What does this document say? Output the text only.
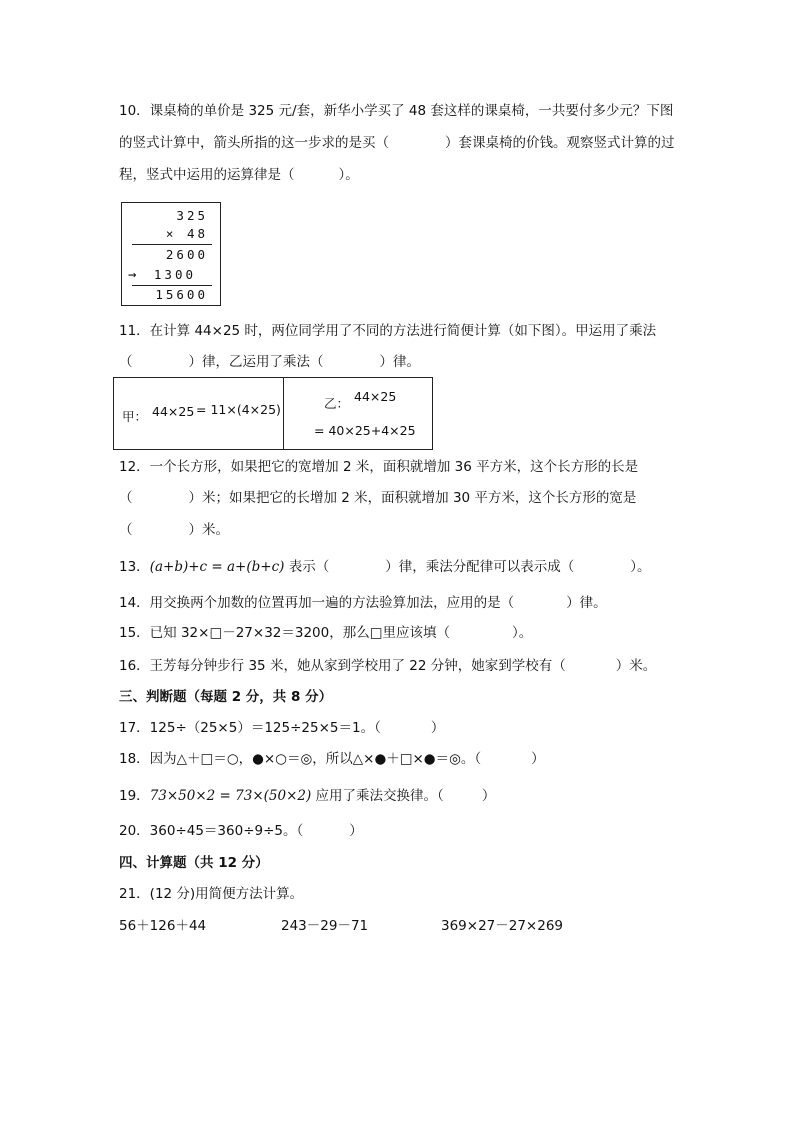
10．课桌椅的单价是 325 元/套，新华小学买了 48 套这样的课桌椅，一共要付多少元？下图
的竖式计算中，箭头所指的这一步求的是买（	）套课桌椅的价钱。观察竖式计算的过
程，竖式中运用的运算律是（	）。
325
× 48
2600
→ 1300
15600
11．在计算 44×25 时，两位同学用了不同的方法进行简便计算（如下图）。甲运用了乘法
（	）律，乙运用了乘法（	）律。
甲： 44×25 = 11×(4×25)	乙： 44×25
= 40×25+4×25
12．一个长方形，如果把它的宽增加 2 米，面积就增加 36 平方米，这个长方形的长是
（	）米；如果把它的长增加 2 米，面积就增加 30 平方米，这个长方形的宽是
（	）米。
13．(a+b)+c = a+(b+c) 表示（	）律，乘法分配律可以表示成（	）。
14．用交换两个加数的位置再加一遍的方法验算加法，应用的是（	）律。
15．已知 32×□－27×32＝3200，那么□里应该填（	）。
16．王芳每分钟步行 35 米，她从家到学校用了 22 分钟，她家到学校有（	）米。
三、判断题（每题 2 分，共 8 分）
17．125÷（25×5）＝125÷25×5＝1。（	）
18．因为△＋□＝○，●×○＝◎，所以△×●＋□×●＝◎。（	）
19．73×50×2 = 73×(50×2) 应用了乘法交换律。（	）
20．360÷45＝360÷9÷5。（	）
四、计算题（共 12 分）
21．(12 分)用简便方法计算。
56＋126＋44	243－29－71	369×27－27×269
